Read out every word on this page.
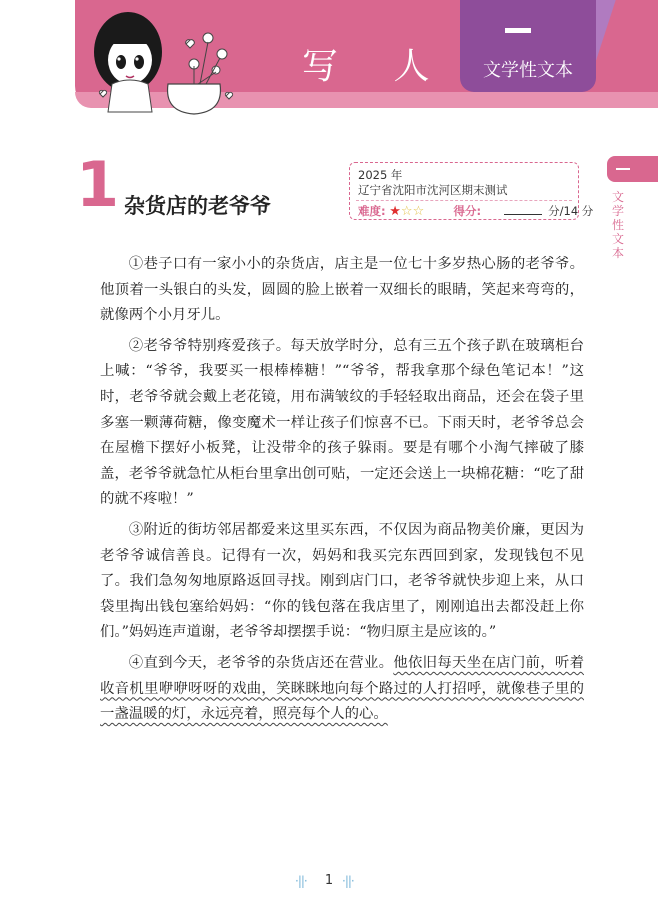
写 人	文学性文本
文学性文本
1 杂货店的老爷爷
2025 年
辽宁省沈阳市沈河区期末测试
难度: ★☆☆	得分:	分/14 分

①巷子口有一家小小的杂货店，店主是一位七十多岁热心肠的老爷爷。他顶着一头银白的头发，圆圆的脸上嵌着一双细长的眼睛，笑起来弯弯的，就像两个小月牙儿。

②老爷爷特别疼爱孩子。每天放学时分，总有三五个孩子趴在玻璃柜台上喊：“爷爷，我要买一根棒棒糖！”“爷爷，帮我拿那个绿色笔记本！”这时，老爷爷就会戴上老花镜，用布满皱纹的手轻轻取出商品，还会在袋子里多塞一颗薄荷糖，像变魔术一样让孩子们惊喜不已。下雨天时，老爷爷总会在屋檐下摆好小板凳，让没带伞的孩子躲雨。要是有哪个小淘气摔破了膝盖，老爷爷就急忙从柜台里拿出创可贴，一定还会送上一块棉花糖：“吃了甜的就不疼啦！”

③附近的街坊邻居都爱来这里买东西，不仅因为商品物美价廉，更因为老爷爷诚信善良。记得有一次，妈妈和我买完东西回到家，发现钱包不见了。我们急匆匆地原路返回寻找。刚到店门口，老爷爷就快步迎上来，从口袋里掏出钱包塞给妈妈：“你的钱包落在我店里了，刚刚追出去都没赶上你们。”妈妈连声道谢，老爷爷却摆摆手说：“物归原主是应该的。”

④直到今天，老爷爷的杂货店还在营业。他依旧每天坐在店门前，听着收音机里咿咿呀呀的戏曲，笑眯眯地向每个路过的人打招呼，就像巷子里的一盏温暖的灯，永远亮着，照亮每个人的心。

·||·	1 ·||·
